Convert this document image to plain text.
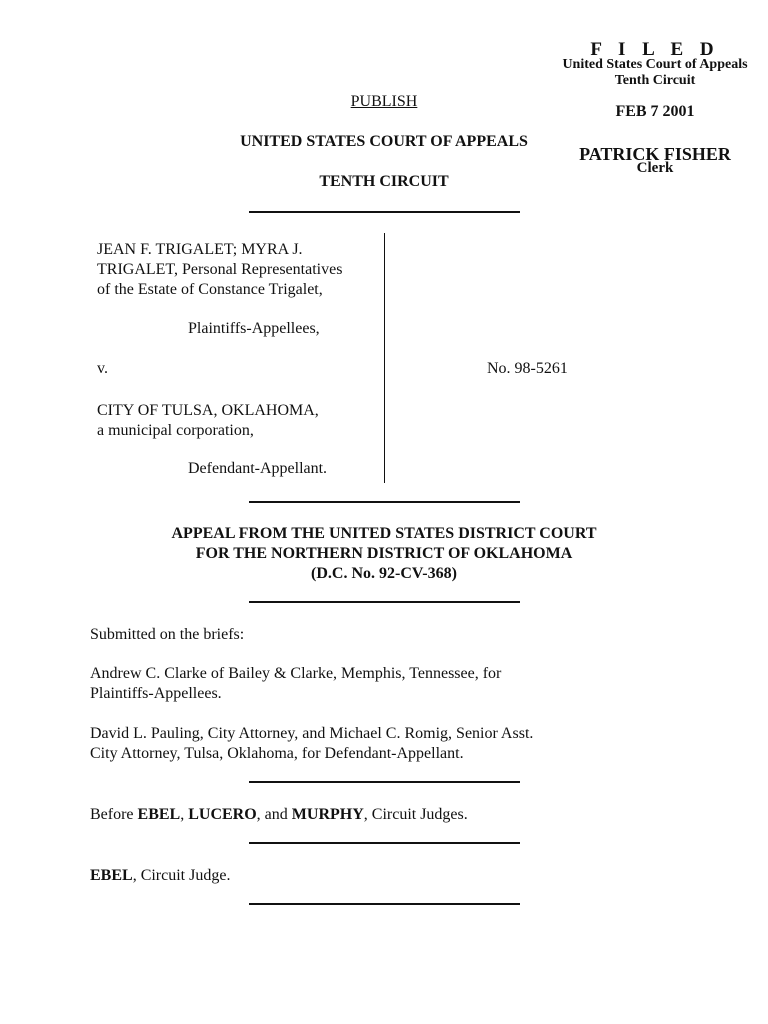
F I L E D
United States Court of Appeals
Tenth Circuit
FEB 7 2001
PATRICK FISHER
Clerk
PUBLISH
UNITED STATES COURT OF APPEALS
TENTH CIRCUIT
JEAN F. TRIGALET; MYRA J.
TRIGALET, Personal Representatives
of the Estate of Constance Trigalet,
Plaintiffs-Appellees,
v.
CITY OF TULSA, OKLAHOMA,
a municipal corporation,
Defendant-Appellant.
No. 98-5261
APPEAL FROM THE UNITED STATES DISTRICT COURT
FOR THE NORTHERN DISTRICT OF OKLAHOMA
(D.C. No. 92-CV-368)
Submitted on the briefs:
Andrew C. Clarke of Bailey & Clarke, Memphis, Tennessee, for
Plaintiffs-Appellees.
David L. Pauling, City Attorney, and Michael C. Romig, Senior Asst.
City Attorney, Tulsa, Oklahoma, for Defendant-Appellant.
Before EBEL, LUCERO, and MURPHY, Circuit Judges.
EBEL, Circuit Judge.
